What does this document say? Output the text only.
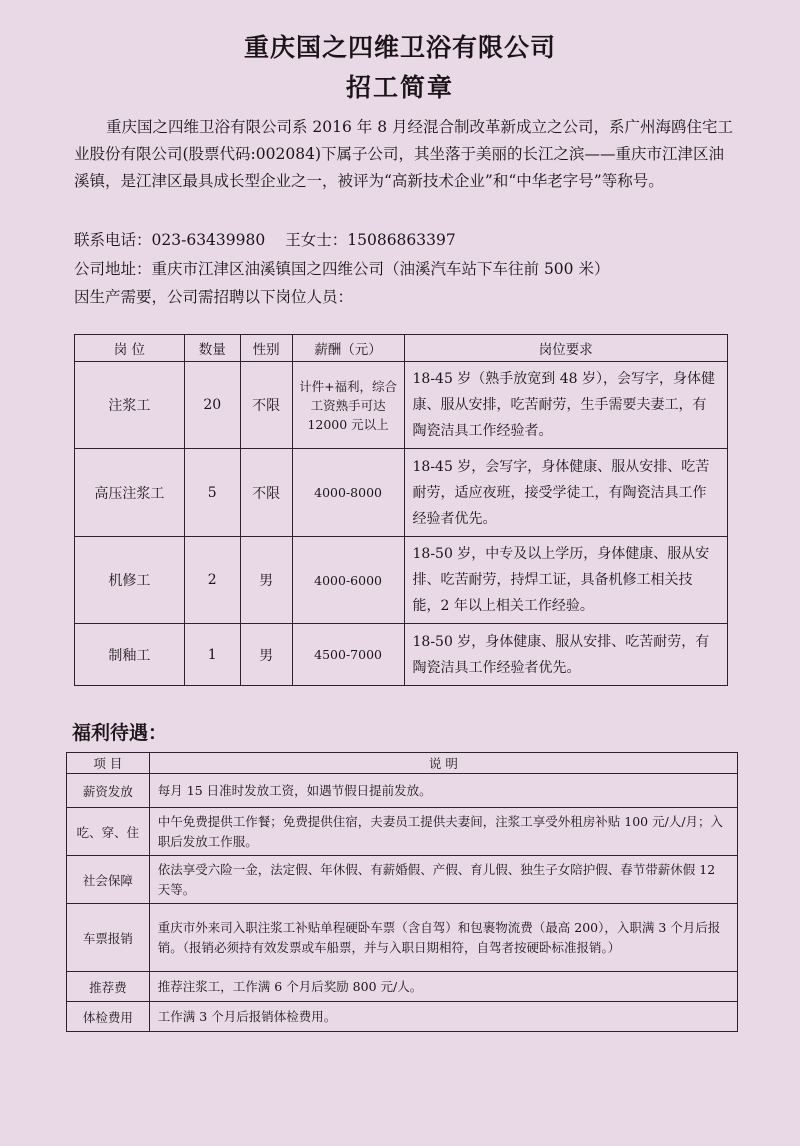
重庆国之四维卫浴有限公司
招工简章

重庆国之四维卫浴有限公司系 2016 年 8 月经混合制改革新成立之公司，系广州海鸥住宅工业股份有限公司(股票代码:002084)下属子公司，其坐落于美丽的长江之滨——重庆市江津区油溪镇，是江津区最具成长型企业之一，被评为“高新技术企业”和“中华老字号”等称号。

联系电话：023-63439980 王女士：15086863397
公司地址：重庆市江津区油溪镇国之四维公司（油溪汽车站下车往前 500 米）
因生产需要，公司需招聘以下岗位人员：
岗 位	数量	性别	薪酬（元）	岗位要求
注浆工	20	不限	计件+福利，综合工资熟手可达 12000 元以上	18-45 岁（熟手放宽到 48 岁），会写字，身体健康、服从安排，吃苦耐劳，生手需要夫妻工，有陶瓷洁具工作经验者。
高压注浆工	5	不限	4000-8000	18-45 岁，会写字，身体健康、服从安排、吃苦耐劳，适应夜班，接受学徒工，有陶瓷洁具工作经验者优先。
机修工	2	男	4000-6000	18-50 岁，中专及以上学历，身体健康、服从安排、吃苦耐劳，持焊工证，具备机修工相关技能，2 年以上相关工作经验。
制釉工	1	男	4500-7000	18-50 岁，身体健康、服从安排、吃苦耐劳，有陶瓷洁具工作经验者优先。
福利待遇：
项 目	说 明
薪资发放	每月 15 日准时发放工资，如遇节假日提前发放。
吃、穿、住	中午免费提供工作餐；免费提供住宿，夫妻员工提供夫妻间，注浆工享受外租房补贴 100 元/人/月；入职后发放工作服。
社会保障	依法享受六险一金，法定假、年休假、有薪婚假、产假、育儿假、独生子女陪护假、春节带薪休假 12 天等。
车票报销	重庆市外来司入职注浆工补贴单程硬卧车票（含自驾）和包裹物流费（最高 200），入职满 3 个月后报销。（报销必须持有效发票或车船票，并与入职日期相符，自驾者按硬卧标准报销。）
推荐费	推荐注浆工，工作满 6 个月后奖励 800 元/人。
体检费用	工作满 3 个月后报销体检费用。
